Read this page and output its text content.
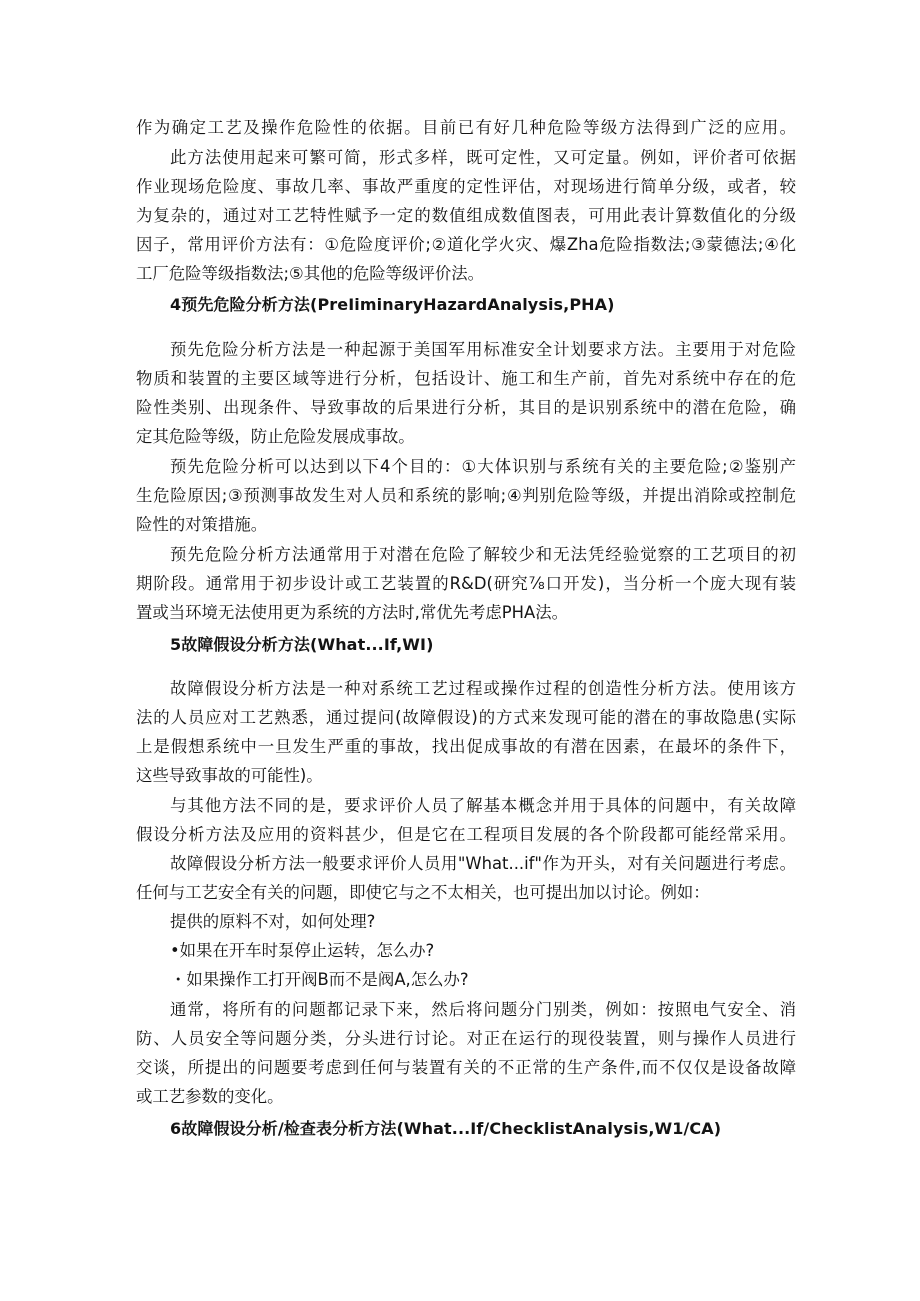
作为确定工艺及操作危险性的依据。目前已有好几种危险等级方法得到广泛的应用。
此方法使用起来可繁可简，形式多样，既可定性，又可定量。例如，评价者可依据
作业现场危险度、事故几率、事故严重度的定性评估，对现场进行简单分级，或者，较
为复杂的，通过对工艺特性赋予一定的数值组成数值图表，可用此表计算数值化的分级
因子，常用评价方法有：①危险度评价;②道化学火灾、爆Zha危险指数法;③蒙德法;④化
工厂危险等级指数法;⑤其他的危险等级评价法。
4预先危险分析方法(PreIiminaryHazardAnalysis,PHA)
预先危险分析方法是一种起源于美国军用标准安全计划要求方法。主要用于对危险
物质和装置的主要区域等进行分析，包括设计、施工和生产前，首先对系统中存在的危
险性类别、出现条件、导致事故的后果进行分析，其目的是识别系统中的潜在危险，确
定其危险等级，防止危险发展成事故。
预先危险分析可以达到以下4个目的：①大体识别与系统有关的主要危险;②鉴别产
生危险原因;③预测事故发生对人员和系统的影响;④判别危险等级，并提出消除或控制危
险性的对策措施。
预先危险分析方法通常用于对潜在危险了解较少和无法凭经验觉察的工艺项目的初
期阶段。通常用于初步设计或工艺装置的R&D(研究⅞口开发)，当分析一个庞大现有装
置或当环境无法使用更为系统的方法时,常优先考虑PHA法。
5故障假设分析方法(What...If,WI)
故障假设分析方法是一种对系统工艺过程或操作过程的创造性分析方法。使用该方
法的人员应对工艺熟悉，通过提问(故障假设)的方式来发现可能的潜在的事故隐患(实际
上是假想系统中一旦发生严重的事故，找出促成事故的有潜在因素，在最坏的条件下，
这些导致事故的可能性)。
与其他方法不同的是，要求评价人员了解基本概念并用于具体的问题中，有关故障
假设分析方法及应用的资料甚少，但是它在工程项目发展的各个阶段都可能经常采用。
故障假设分析方法一般要求评价人员用"What...if"作为开头，对有关问题进行考虑。
任何与工艺安全有关的问题，即使它与之不太相关，也可提出加以讨论。例如：
提供的原料不对，如何处理?
•如果在开车时泵停止运转，怎么办?
・如果操作工打开阀B而不是阀A,怎么办?
通常，将所有的问题都记录下来，然后将问题分门别类，例如：按照电气安全、消
防、人员安全等问题分类，分头进行讨论。对正在运行的现役装置，则与操作人员进行
交谈，所提出的问题要考虑到任何与装置有关的不正常的生产条件,而不仅仅是设备故障
或工艺参数的变化。
6故障假设分析/检查表分析方法(What...If/ChecklistAnalysis,W1∕CA)
